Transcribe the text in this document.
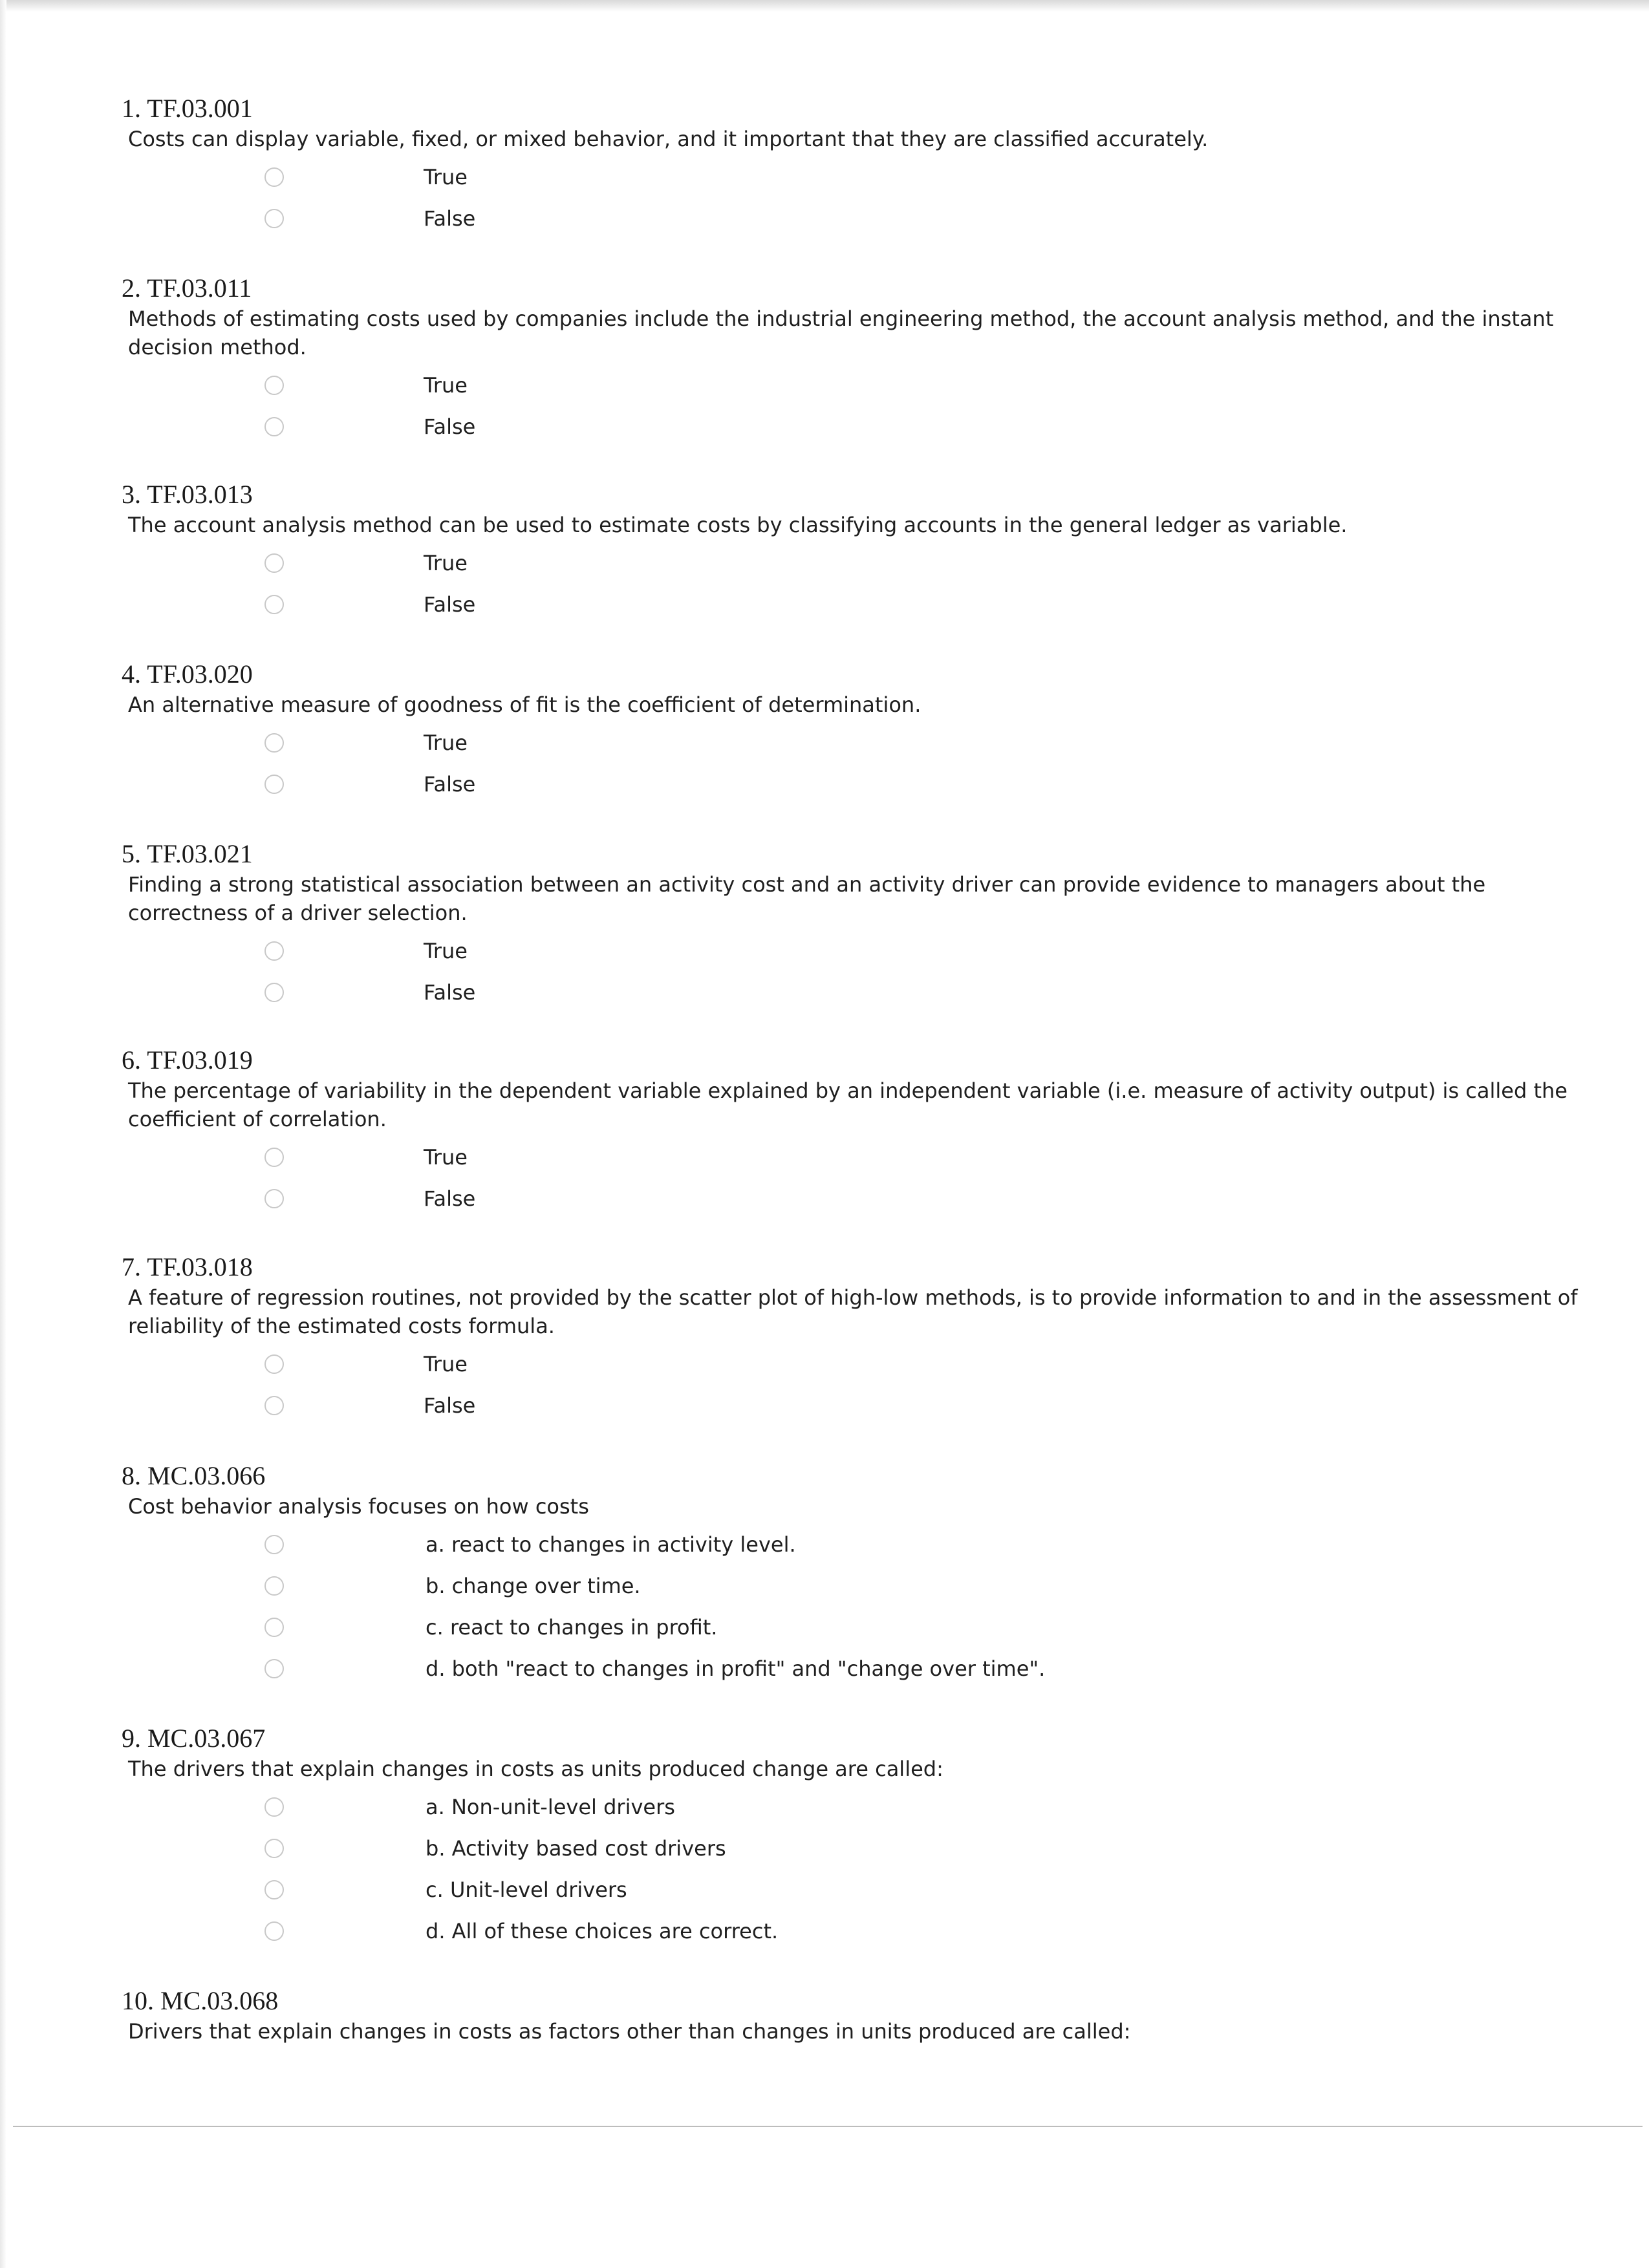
1. TF.03.001
Costs can display variable, fixed, or mixed behavior, and it important that they are classified accurately.
True
False
2. TF.03.011
Methods of estimating costs used by companies include the industrial engineering method, the account analysis method, and the instant decision method.
True
False
3. TF.03.013
The account analysis method can be used to estimate costs by classifying accounts in the general ledger as variable.
True
False
4. TF.03.020
An alternative measure of goodness of fit is the coefficient of determination.
True
False
5. TF.03.021
Finding a strong statistical association between an activity cost and an activity driver can provide evidence to managers about the correctness of a driver selection.
True
False
6. TF.03.019
The percentage of variability in the dependent variable explained by an independent variable (i.e. measure of activity output) is called the coefficient of correlation.
True
False
7. TF.03.018
A feature of regression routines, not provided by the scatter plot of high-low methods, is to provide information to and in the assessment of reliability of the estimated costs formula.
True
False
8. MC.03.066
Cost behavior analysis focuses on how costs
a. react to changes in activity level.
b. change over time.
c. react to changes in profit.
d. both "react to changes in profit" and "change over time".
9. MC.03.067
The drivers that explain changes in costs as units produced change are called:
a. Non-unit-level drivers
b. Activity based cost drivers
c. Unit-level drivers
d. All of these choices are correct.
10. MC.03.068
Drivers that explain changes in costs as factors other than changes in units produced are called:
